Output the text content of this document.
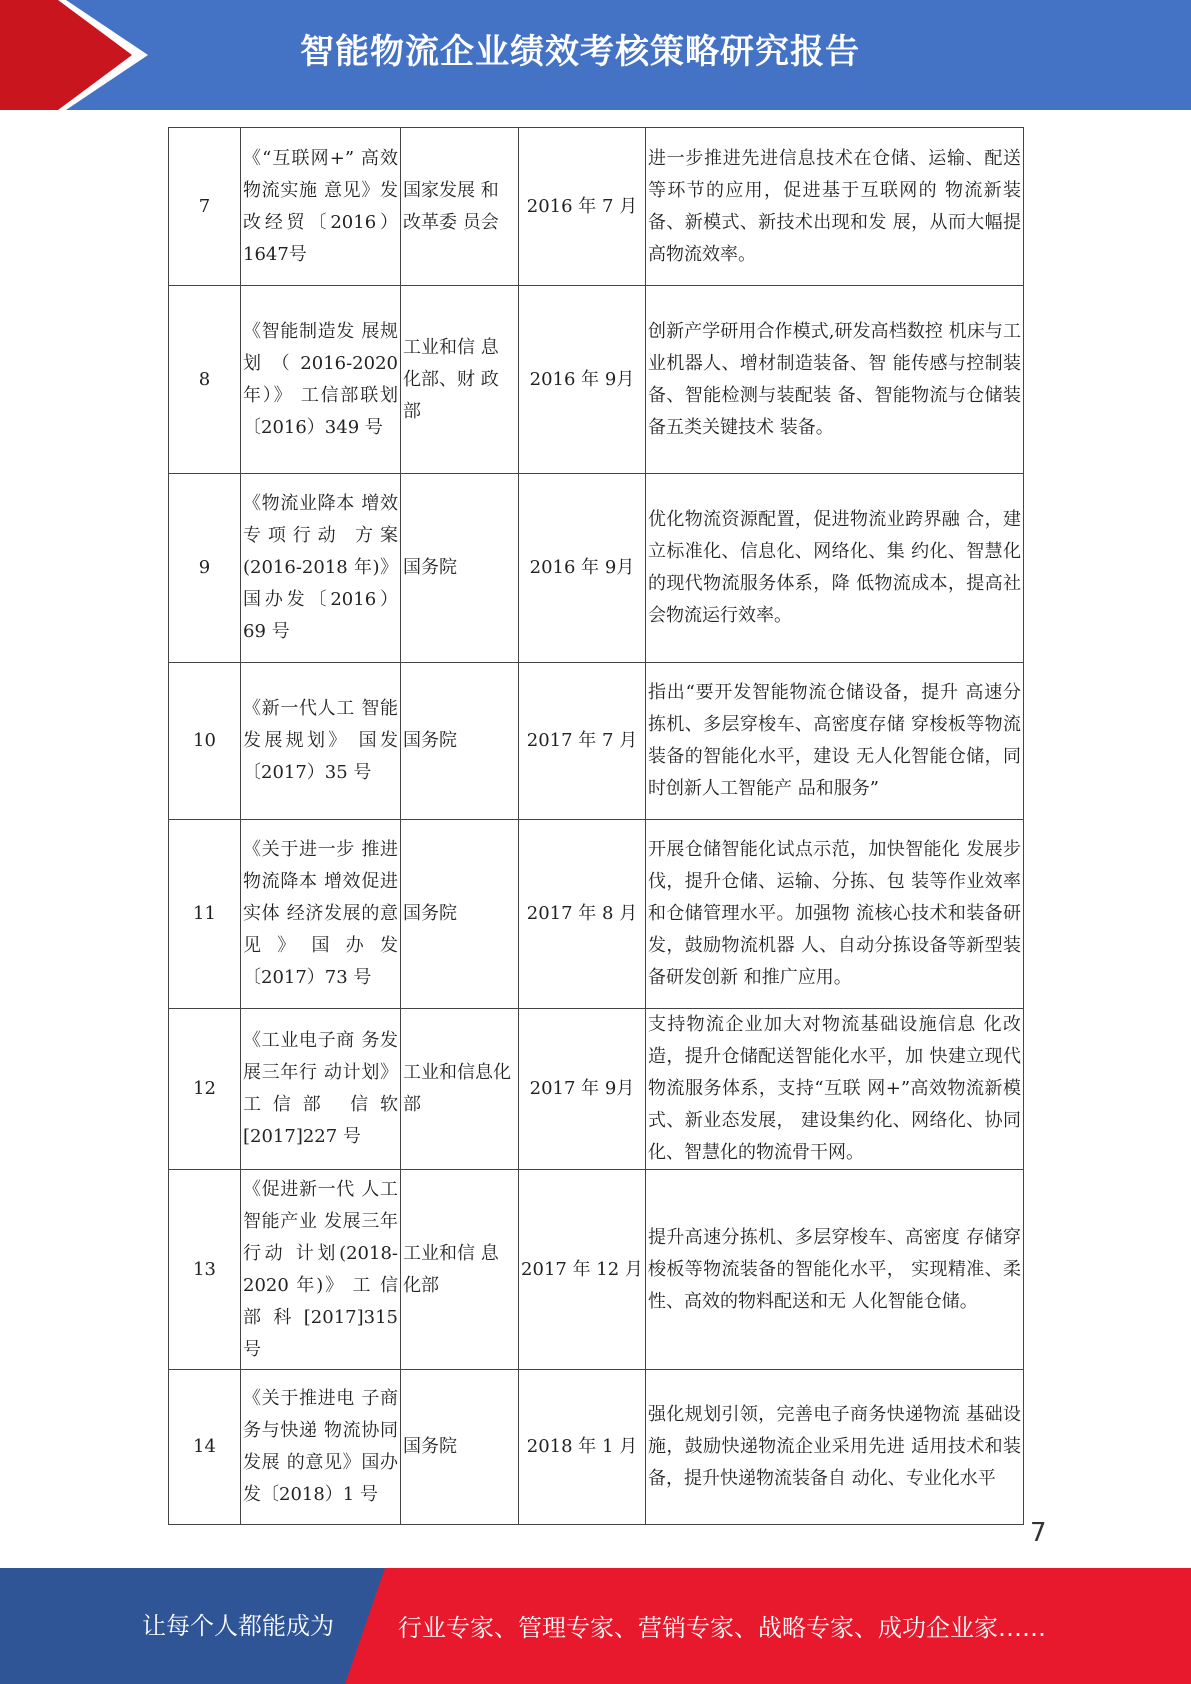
智能物流企业绩效考核策略研究报告
7	《“互联网+” 高效物流实施 意见》发改经贸〔2016）1647号	国家发展 和改革委 员会	2016 年 7 月	进一步推进先进信息技术在仓储、运输、配送等环节的应用，促进基于互联网的 物流新装备、新模式、新技术出现和发 展，从而大幅提高物流效率。
8	《智能制造发 展规 划 （ 2016-2020 年）》 工信部联划〔2016）349 号	工业和信 息化部、财 政部	2016 年 9月	创新产学研用合作模式,研发高档数控 机床与工业机器人、增材制造装备、智 能传感与控制装备、智能检测与装配装 备、智能物流与仓储装备五类关键技术 装备。
9	《物流业降本 增效专项行动 方案(2016-2018 年)》国办发〔2016）69 号	国务院	2016 年 9月	优化物流资源配置，促进物流业跨界融 合，建立标准化、信息化、网络化、集 约化、智慧化的现代物流服务体系，降 低物流成本，提高社会物流运行效率。
10	《新一代人工 智能发展规划》 国发〔2017）35 号	国务院	2017 年 7 月	指出“要开发智能物流仓储设备，提升 高速分拣机、多层穿梭车、高密度存储 穿梭板等物流装备的智能化水平，建设 无人化智能仓储，同时创新人工智能产 品和服务”
11	《关于进一步 推进物流降本 增效促进实体 经济发展的意 见》国办发〔2017）73 号	国务院	2017 年 8 月	开展仓储智能化试点示范，加快智能化 发展步伐，提升仓储、运输、分拣、包 装等作业效率和仓储管理水平。加强物 流核心技术和装备研发，鼓励物流机器 人、自动分拣设备等新型装备研发创新 和推广应用。
12	《工业电子商 务发展三年行 动计划》工信部 信软[2017]227 号	工业和信息化部	2017 年 9月	支持物流企业加大对物流基础设施信息 化改造，提升仓储配送智能化水平，加 快建立现代物流服务体系，支持“互联 网+”高效物流新模式、新业态发展， 建设集约化、网络化、协同化、智慧化的物流骨干网。
13	《促进新一代 人工智能产业 发展三年行动 计划(2018-2020 年)》 工 信 部 科 [2017]315 号	工业和信 息化部	2017 年 12 月	提升高速分拣机、多层穿梭车、高密度 存储穿梭板等物流装备的智能化水平， 实现精准、柔性、高效的物料配送和无 人化智能仓储。
14	《关于推进电 子商务与快递 物流协同发展 的意见》国办发〔2018）1 号	国务院	2018 年 1 月	强化规划引领，完善电子商务快递物流 基础设施，鼓励快递物流企业采用先进 适用技术和装备，提升快递物流装备自 动化、专业化水平
7
让每个人都能成为	行业专家、管理专家、营销专家、战略专家、成功企业家……
